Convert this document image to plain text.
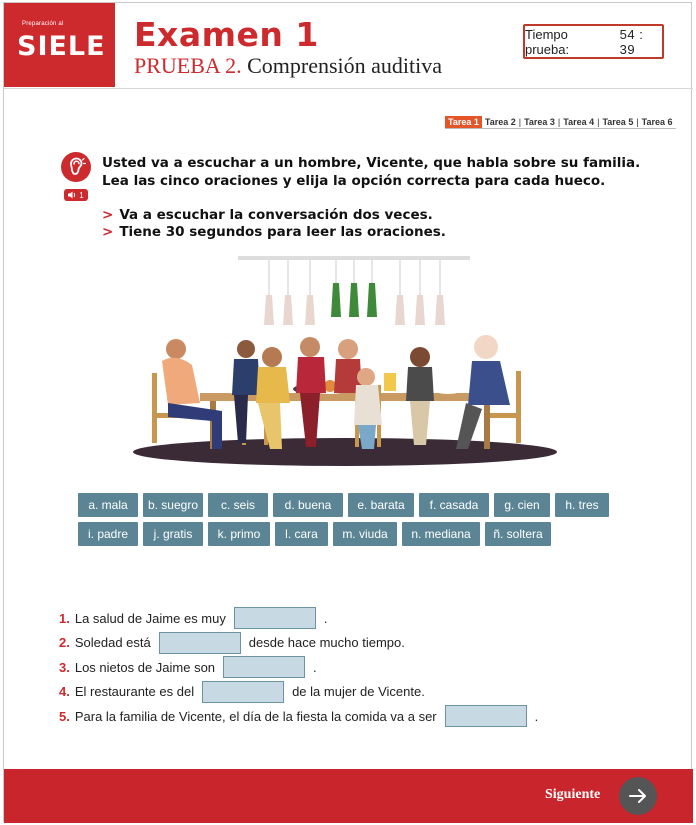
Preparación al
SIELE Examen 1
PRUEBA 2. Comprensión auditiva
Tiempo prueba:
54 : 39
Tarea 1 Tarea 2 | Tarea 3 | Tarea 4 | Tarea 5 | Tarea 6
1
Usted va a escuchar a un hombre, Vicente, que habla sobre su familia.
Lea las cinco oraciones y elija la opción correcta para cada hueco.
> Va a escuchar la conversación dos veces.
> Tiene 30 segundos para leer las oraciones.
a. mala	b. suegro	c. seis	d. buena	e. barata	f. casada	g. cien	h. tres
i. padre	j. gratis	k. primo	l. cara	m. viuda	n. mediana	ñ. soltera
1. La salud de Jaime es muy	.
2. Soledad está	desde hace mucho tiempo.
3. Los nietos de Jaime son	.
4. El restaurante es del	de la mujer de Vicente.
5. Para la familia de Vicente, el día de la fiesta la comida va a ser	.
Siguiente
